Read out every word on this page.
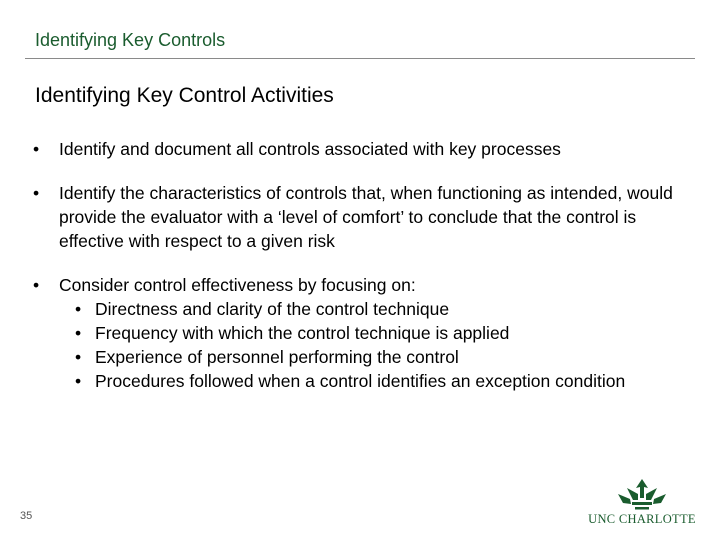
Identifying Key Controls
Identifying Key Control Activities
• Identify and document all controls associated with key processes
• Identify the characteristics of controls that, when functioning as intended, would provide the evaluator with a ‘level of comfort’ to conclude that the control is effective with respect to a given risk
• Consider control effectiveness by focusing on:
• Directness and clarity of the control technique
• Frequency with which the control technique is applied
• Experience of personnel performing the control
• Procedures followed when a control identifies an exception condition
35	UNC CHARLOTTE
